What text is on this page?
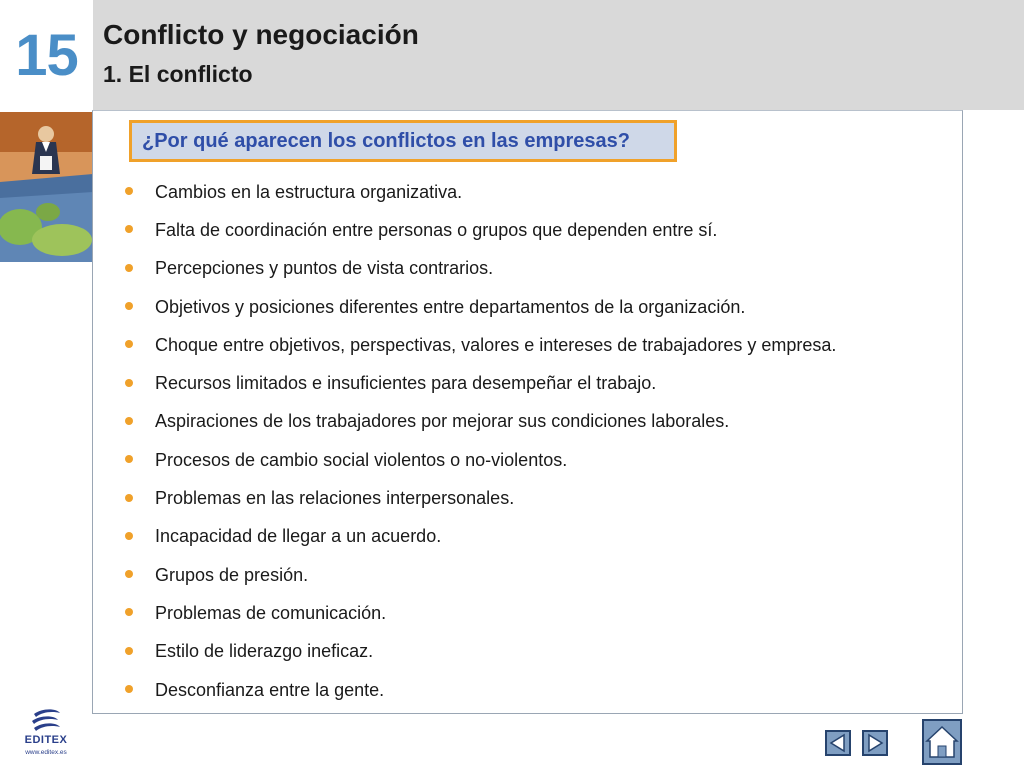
15 Conflicto y negociación
1. El conflicto
¿Por qué aparecen los conflictos en las empresas?
Cambios en la estructura organizativa.
Falta de coordinación entre personas o grupos que dependen entre sí.
Percepciones y puntos de vista contrarios.
Objetivos y posiciones diferentes entre departamentos de la organización.
Choque entre objetivos, perspectivas, valores e intereses de trabajadores y empresa.
Recursos limitados e insuficientes para desempeñar el trabajo.
Aspiraciones de los trabajadores por mejorar sus condiciones laborales.
Procesos de cambio social violentos o no-violentos.
Problemas en las relaciones interpersonales.
Incapacidad de llegar a un acuerdo.
Grupos de presión.
Problemas de comunicación.
Estilo de liderazgo ineficaz.
Desconfianza entre la gente.
EDITEX
www.editex.es
